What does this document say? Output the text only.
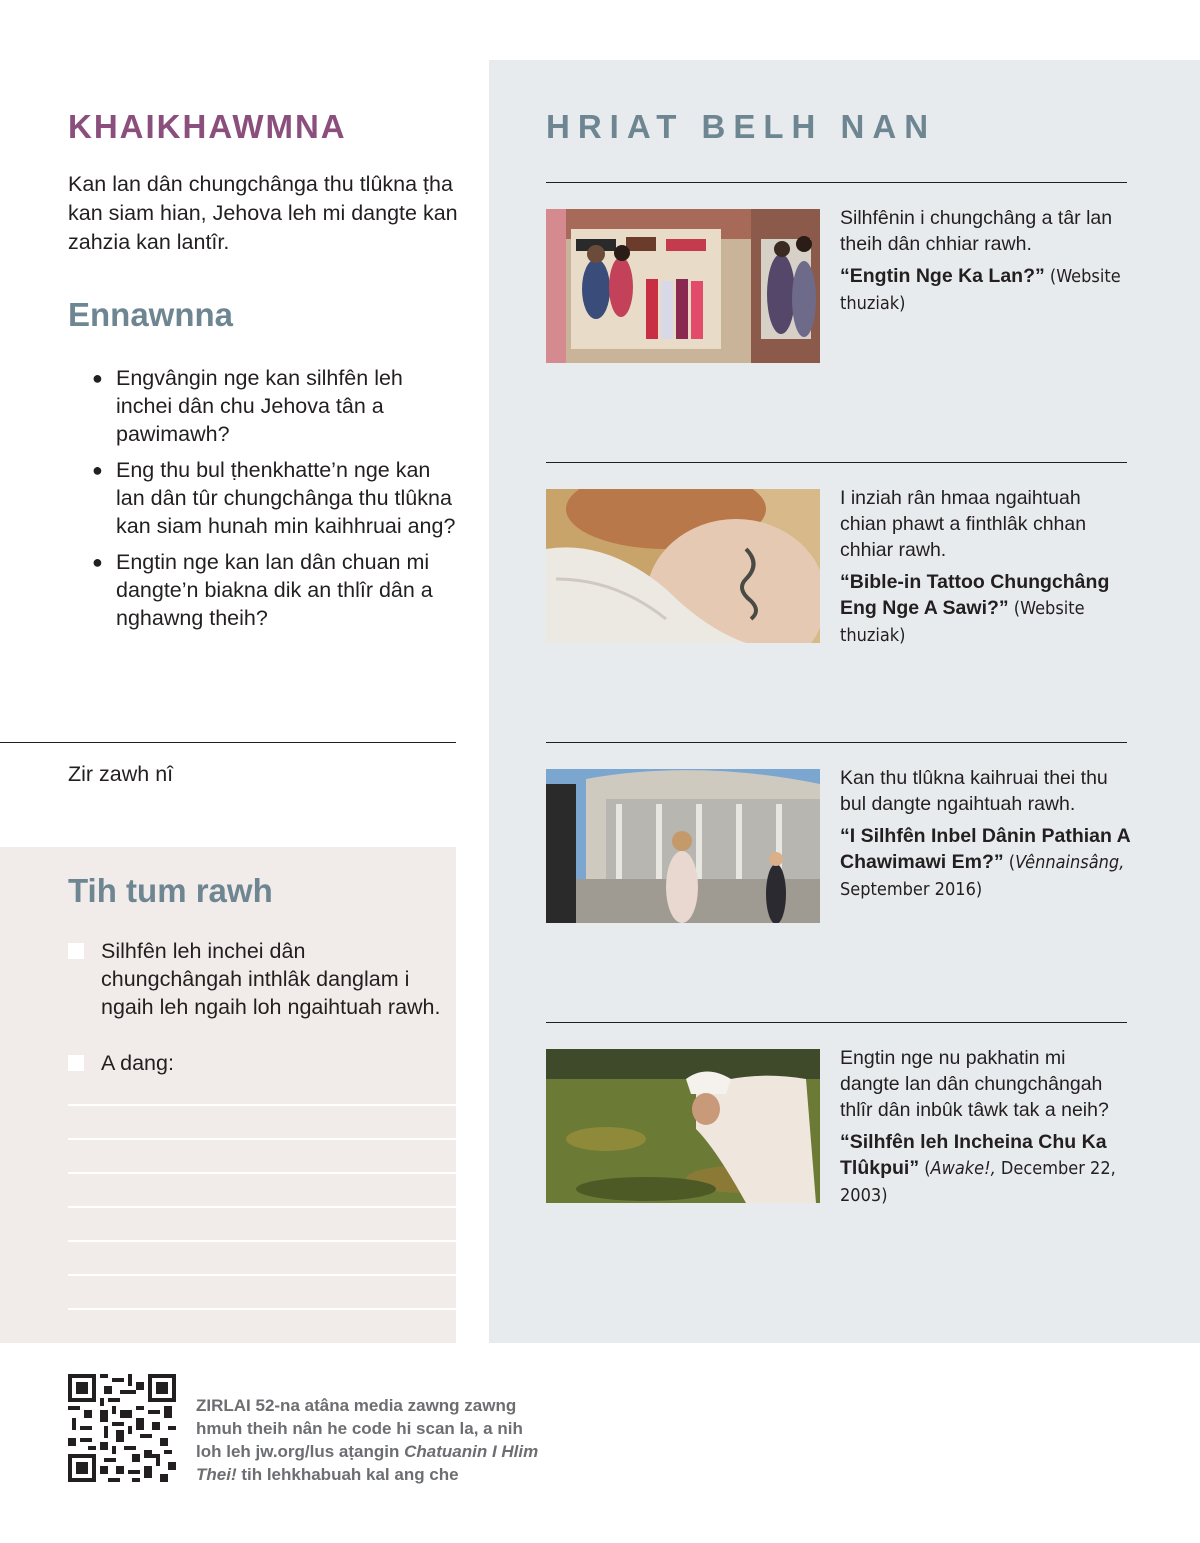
KHAIKHAWMNA

Kan lan dân chungchânga thu tlûkna ṭha kan siam hian, Jehova leh mi dangte kan zahzia kan lantîr.

Ennawnna
● Engvângin nge kan silhfên leh inchei dân chu Jehova tân a pawimawh?
● Eng thu bul ṭhenkhatte’n nge kan lan dân tûr chungchânga thu tlûkna kan siam hunah min kaihhruai ang?
● Engtin nge kan lan dân chuan mi dangte’n biakna dik an thlîr dân a nghawng theih?
Zir zawh nî
Tih tum rawh

Silhfên leh inchei dân chungchângah inthlâk danglam i ngaih leh ngaih loh ngaihtuah rawh.

A dang:

HRIAT BELH NAN

Silhfênin i chungchâng a târ lan theih dân chhiar rawh.

“Engtin Nge Ka Lan?” (Website thuziak)

I inziah rân hmaa ngaihtuah chian phawt a finthlâk chhan chhiar rawh.

“Bible-in Tattoo Chungchâng Eng Nge A Sawi?” (Website thuziak)

Kan thu tlûkna kaihruai thei thu bul dangte ngaihtuah rawh.

“I Silhfên Inbel Dânin Pathian A Chawimawi Em?” (Vênnainsâng, September 2016)

Engtin nge nu pakhatin mi dangte lan dân chungchângah thlîr dân inbûk tâwk tak a neih?

“Silhfên leh Incheina Chu Ka Tlûkpui” (Awake!, December 22, 2003)

ZIRLAI 52-na atâna media zawng zawng hmuh theih nân he code hi scan la, a nih loh leh jw.org/lus aṭangin Chatuanin I Hlim Thei! tih lehkhabuah kal ang che
